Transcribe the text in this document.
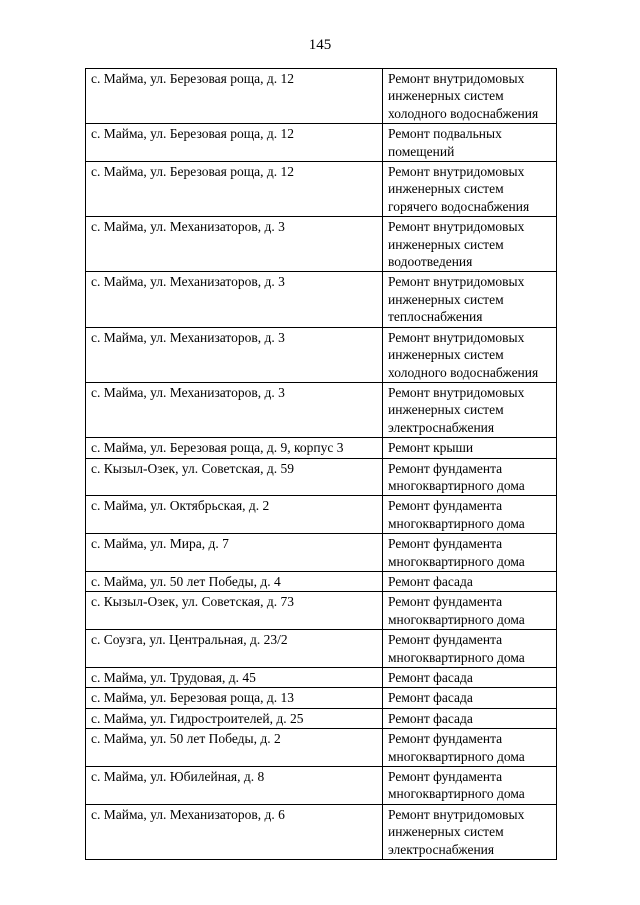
145
с. Майма, ул. Березовая роща, д. 12	Ремонт внутридомовых инженерных систем холодного водоснабжения
с. Майма, ул. Березовая роща, д. 12	Ремонт подвальных помещений
с. Майма, ул. Березовая роща, д. 12	Ремонт внутридомовых инженерных систем горячего водоснабжения
с. Майма, ул. Механизаторов, д. 3	Ремонт внутридомовых инженерных систем водоотведения
с. Майма, ул. Механизаторов, д. 3	Ремонт внутридомовых инженерных систем теплоснабжения
с. Майма, ул. Механизаторов, д. 3	Ремонт внутридомовых инженерных систем холодного водоснабжения
с. Майма, ул. Механизаторов, д. 3	Ремонт внутридомовых инженерных систем электроснабжения
с. Майма, ул. Березовая роща, д. 9, корпус 3	Ремонт крыши
с. Кызыл-Озек, ул. Советская, д. 59	Ремонт фундамента многоквартирного дома
с. Майма, ул. Октябрьская, д. 2	Ремонт фундамента многоквартирного дома
с. Майма, ул. Мира, д. 7	Ремонт фундамента многоквартирного дома
с. Майма, ул. 50 лет Победы, д. 4	Ремонт фасада
с. Кызыл-Озек, ул. Советская, д. 73	Ремонт фундамента многоквартирного дома
с. Соузга, ул. Центральная, д. 23/2	Ремонт фундамента многоквартирного дома
с. Майма, ул. Трудовая, д. 45	Ремонт фасада
с. Майма, ул. Березовая роща, д. 13	Ремонт фасада
с. Майма, ул. Гидростроителей, д. 25	Ремонт фасада
с. Майма, ул. 50 лет Победы, д. 2	Ремонт фундамента многоквартирного дома
с. Майма, ул. Юбилейная, д. 8	Ремонт фундамента многоквартирного дома
с. Майма, ул. Механизаторов, д. 6	Ремонт внутридомовых инженерных систем электроснабжения
